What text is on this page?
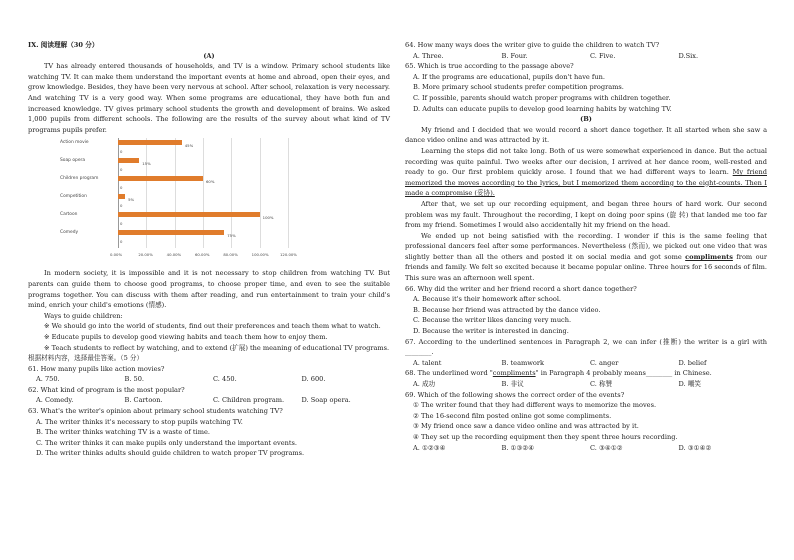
IX. 阅读理解（30 分）

(A)

TV has already entered thousands of households, and TV is a window. Primary school students like watching TV. It can make them understand the important events at home and abroad, open their eyes, and grow knowledge. Besides, they have been very nervous at school. After school, relaxation is very necessary. And watching TV is a very good way. When some programs are educational, they have both fun and increased knowledge. TV gives primary school students the growth and development of brains. We asked 1,000 pupils from different schools. The following are the results of the survey about what kind of TV programs pupils prefer.

0.00%	20.00%	40.00%	60.00%	80.00%	100.00%	120.00%
Action movie	45%
0
Soap opera	15%
0
Children program	60%
0
Competition	5%
0
Cartoon	100%
0
Comedy	75%
0

In modern society, it is impossible and it is not necessary to stop children from watching TV. But parents can guide them to choose good programs, to choose proper time, and even to see the suitable programs together. You can discuss with them after reading, and run entertainment to train your child's mind, enrich your child's emotions (情感).

Ways to guide children:

※ We should go into the world of students, find out their preferences and teach them what to watch.

※ Educate pupils to develop good viewing habits and teach them how to enjoy them.

※ Teach students to reflect by watching, and to extend (扩展) the meaning of educational TV programs.

根据材料内容，选择最佳答案。（5 分）

61. How many pupils like action movies?

A. 750.	B. 50.	C. 450.	D. 600.

62. What kind of program is the most popular?

A. Comedy.	B. Cartoon.	C. Children program.	D. Soap opera.

63. What's the writer's opinion about primary school students watching TV?

A. The writer thinks it's necessary to stop pupils watching TV.

B. The writer thinks watching TV is a waste of time.

C. The writer thinks it can make pupils only understand the important events.

D. The writer thinks adults should guide children to watch proper TV programs.

64. How many ways does the writer give to guide the children to watch TV?

A. Three.	B. Four.	C. Five.	D.Six.

65. Which is true according to the passage above?

A. If the programs are educational, pupils don't have fun.

B. More primary school students prefer competition programs.

C. If possible, parents should watch proper programs with children together.

D. Adults can educate pupils to develop good learning habits by watching TV.

(B)

My friend and I decided that we would record a short dance together. It all started when she saw a dance video online and was attracted by it.

Learning the steps did not take long. Both of us were somewhat experienced in dance. But the actual recording was quite painful. Two weeks after our decision, I arrived at her dance room, well-rested and ready to go. Our first problem quickly arose. I found that we had different ways to learn. My friend memorized the moves according to the lyrics, but I memorized them according to the eight-counts. Then I made a compromise (妥协).

After that, we set up our recording equipment, and began three hours of hard work. Our second problem was my fault. Throughout the recording, I kept on doing poor spins (旋 转) that landed me too far from my friend. Sometimes I would also accidentally hit my friend on the head.

We ended up not being satisfied with the recording. I wonder if this is the same feeling that professional dancers feel after some performances. Nevertheless (然而), we picked out one video that was slightly better than all the others and posted it on social media and got some compliments from our friends and family. We felt so excited because it became popular online. Three hours for 16 seconds of film. This sure was an afternoon well spent.

66. Why did the writer and her friend record a short dance together?

A. Because it's their homework after school.

B. Because her friend was attracted by the dance video.

C. Because the writer likes dancing very much.

D. Because the writer is interested in dancing.

67. According to the underlined sentences in Paragraph 2, we can infer (推断) the writer is a girl with ________.

A. talent	B. teamwork	C. anger	D. belief

68. The underlined word "compliments" in Paragraph 4 probably means________ in Chinese.

A. 成功	B. 非议	C. 称赞	D. 嘲笑

69. Which of the following shows the correct order of the events?

① The writer found that they had different ways to memorize the moves.

② The 16-second film posted online got some compliments.

③ My friend once saw a dance video online and was attracted by it.

④ They set up the recording equipment then they spent three hours recording.

A. ①②③④	B. ①③②④	C. ③④①②	D. ③①④②
